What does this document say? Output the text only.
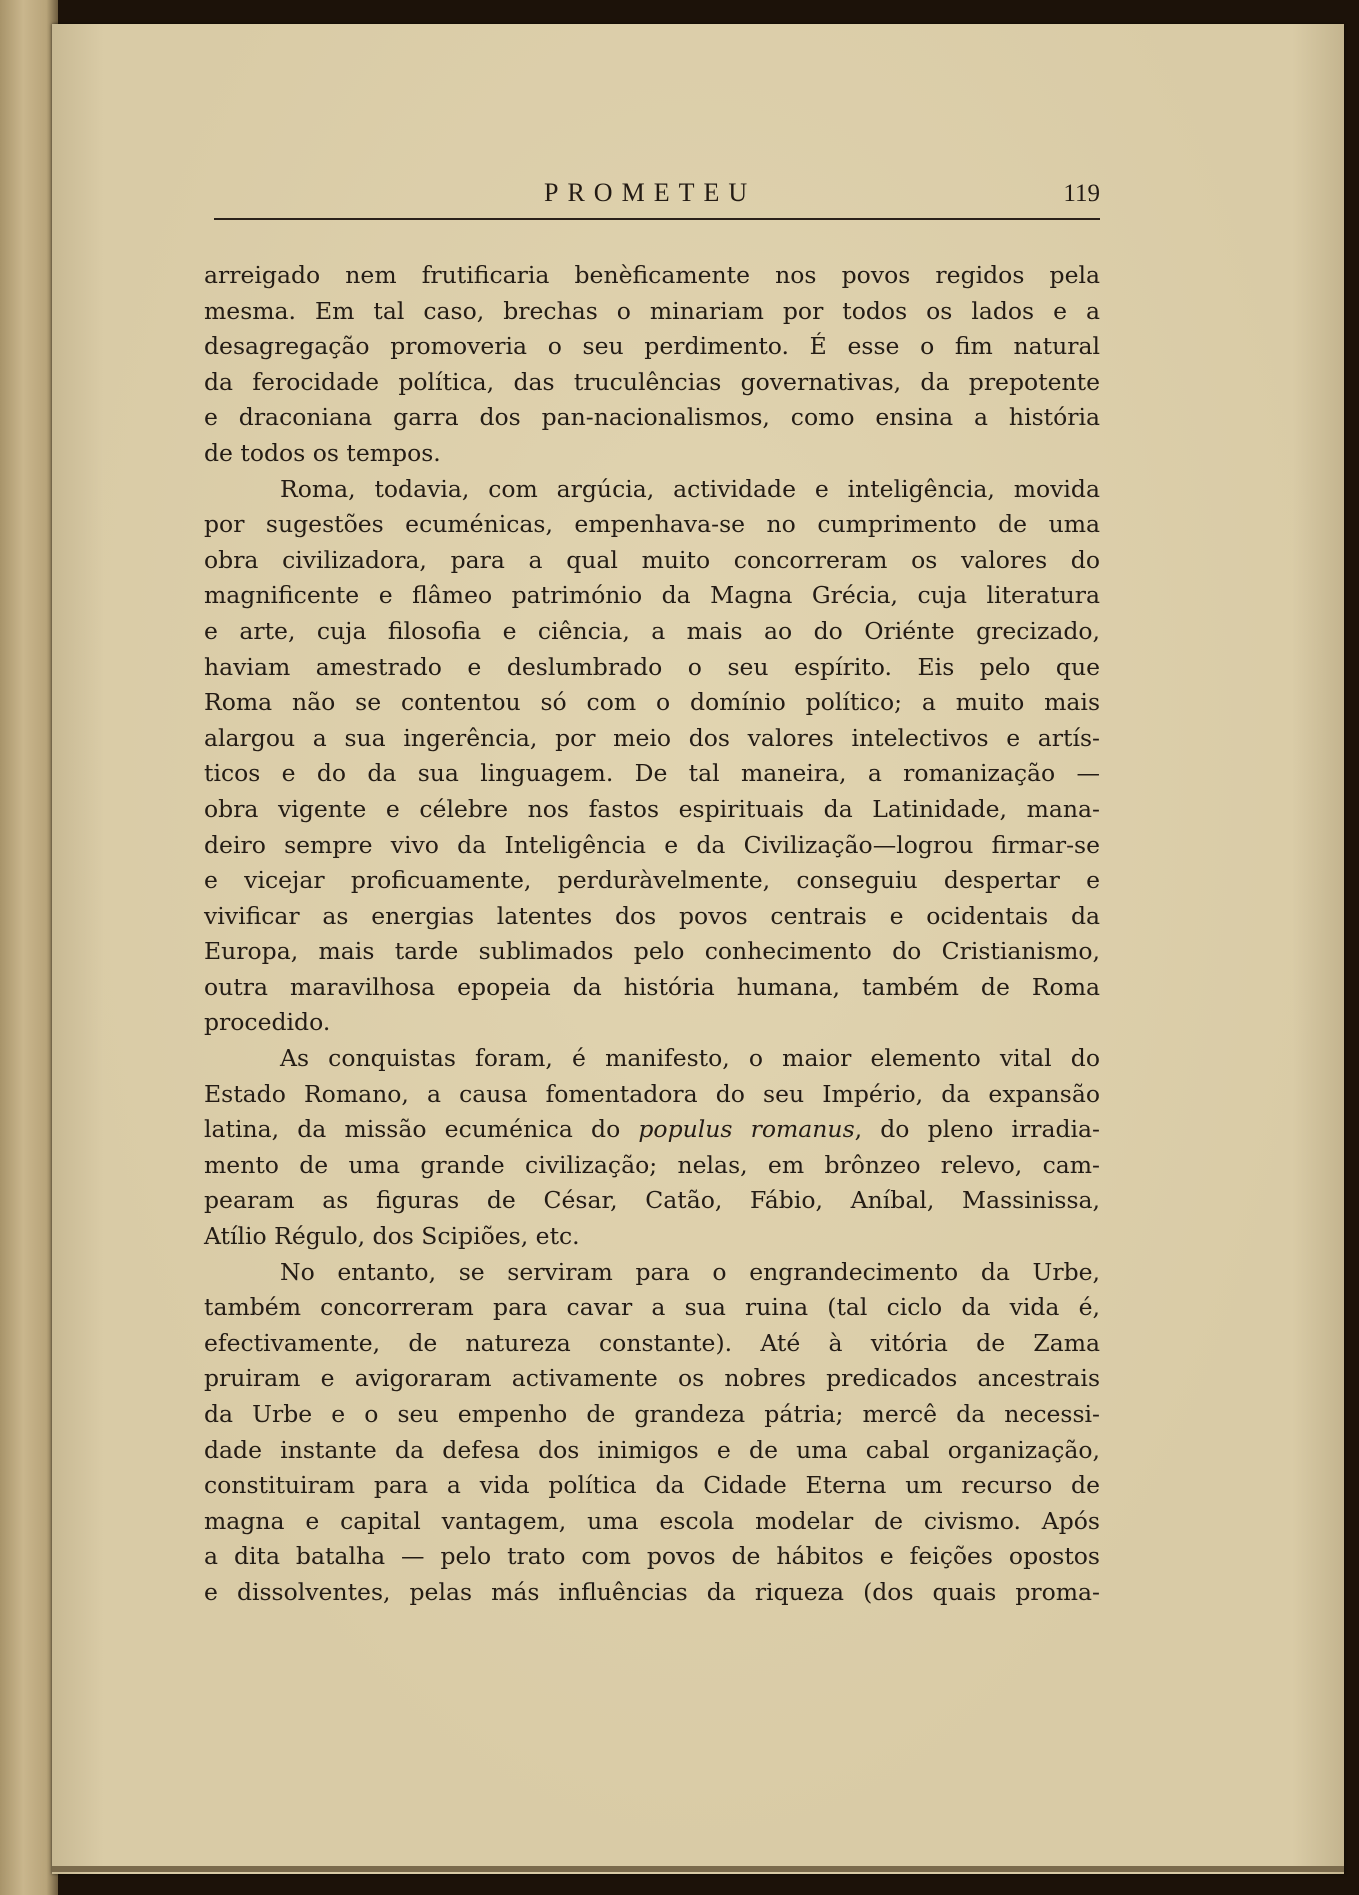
PROMETEU	119
arreigado nem frutificaria benèficamente nos povos regidos pela
mesma. Em tal caso, brechas o minariam por todos os lados e a
desagregação promoveria o seu perdimento. É esse o fim natural
da ferocidade política, das truculências governativas, da prepotente
e draconiana garra dos pan-nacionalismos, como ensina a história
de todos os tempos.
Roma, todavia, com argúcia, actividade e inteligência, movida
por sugestões ecuménicas, empenhava-se no cumprimento de uma
obra civilizadora, para a qual muito concorreram os valores do
magnificente e flâmeo património da Magna Grécia, cuja literatura
e arte, cuja filosofia e ciência, a mais ao do Oriénte grecizado,
haviam amestrado e deslumbrado o seu espírito. Eis pelo que
Roma não se contentou só com o domínio político; a muito mais
alargou a sua ingerência, por meio dos valores intelectivos e artís-
ticos e do da sua linguagem. De tal maneira, a romanização —
obra vigente e célebre nos fastos espirituais da Latinidade, mana-
deiro sempre vivo da Inteligência e da Civilização—logrou firmar-se
e vicejar proficuamente, perduràvelmente, conseguiu despertar e
vivificar as energias latentes dos povos centrais e ocidentais da
Europa, mais tarde sublimados pelo conhecimento do Cristianismo,
outra maravilhosa epopeia da história humana, também de Roma
procedido.
As conquistas foram, é manifesto, o maior elemento vital do
Estado Romano, a causa fomentadora do seu Império, da expansão
latina, da missão ecuménica do populus romanus, do pleno irradia-
mento de uma grande civilização; nelas, em brônzeo relevo, cam-
pearam as figuras de César, Catão, Fábio, Aníbal, Massinissa,
Atílio Régulo, dos Scipiões, etc.
No entanto, se serviram para o engrandecimento da Urbe,
também concorreram para cavar a sua ruina (tal ciclo da vida é,
efectivamente, de natureza constante). Até à vitória de Zama
pruiram e avigoraram activamente os nobres predicados ancestrais
da Urbe e o seu empenho de grandeza pátria; mercê da necessi-
dade instante da defesa dos inimigos e de uma cabal organização,
constituiram para a vida política da Cidade Eterna um recurso de
magna e capital vantagem, uma escola modelar de civismo. Após
a dita batalha — pelo trato com povos de hábitos e feições opostos
e dissolventes, pelas más influências da riqueza (dos quais proma-
